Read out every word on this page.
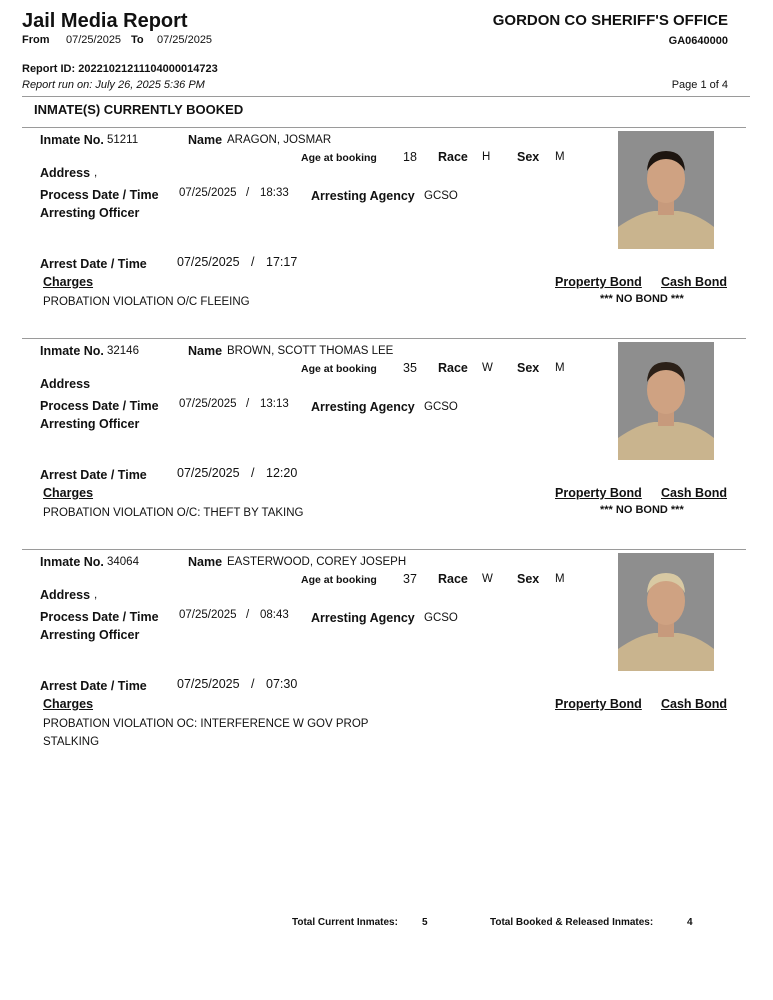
Jail Media Report
From 07/25/2025 To 07/25/2025
GORDON CO SHERIFF'S OFFICE
GA0640000
Report ID: 20221021211104000014723
Report run on: July 26, 2025 5:36 PM	Page 1 of 4
INMATE(S) CURRENTLY BOOKED
Inmate No. 51211	Name ARAGON, JOSMAR
Age at booking 18 Race H Sex M
Address ,
Process Date / Time 07/25/2025 / 18:33 Arresting Agency GCSO
Arresting Officer
Arrest Date / Time 07/25/2025 / 17:17
Charges	Property Bond Cash Bond
PROBATION VIOLATION O/C FLEEING	*** NO BOND ***
Inmate No. 32146	Name BROWN, SCOTT THOMAS LEE
Age at booking 35 Race W Sex M
Address
Process Date / Time 07/25/2025 / 13:13 Arresting Agency GCSO
Arresting Officer
Arrest Date / Time 07/25/2025 / 12:20
Charges	Property Bond Cash Bond
PROBATION VIOLATION O/C: THEFT BY TAKING	*** NO BOND ***
Inmate No. 34064	Name EASTERWOOD, COREY JOSEPH
Age at booking 37 Race W Sex M
Address ,
Process Date / Time 07/25/2025 / 08:43 Arresting Agency GCSO
Arresting Officer
Arrest Date / Time 07/25/2025 / 07:30
Charges	Property Bond Cash Bond
PROBATION VIOLATION OC: INTERFERENCE W GOV PROP
STALKING
Total Current Inmates: 5	Total Booked & Released Inmates:	4
